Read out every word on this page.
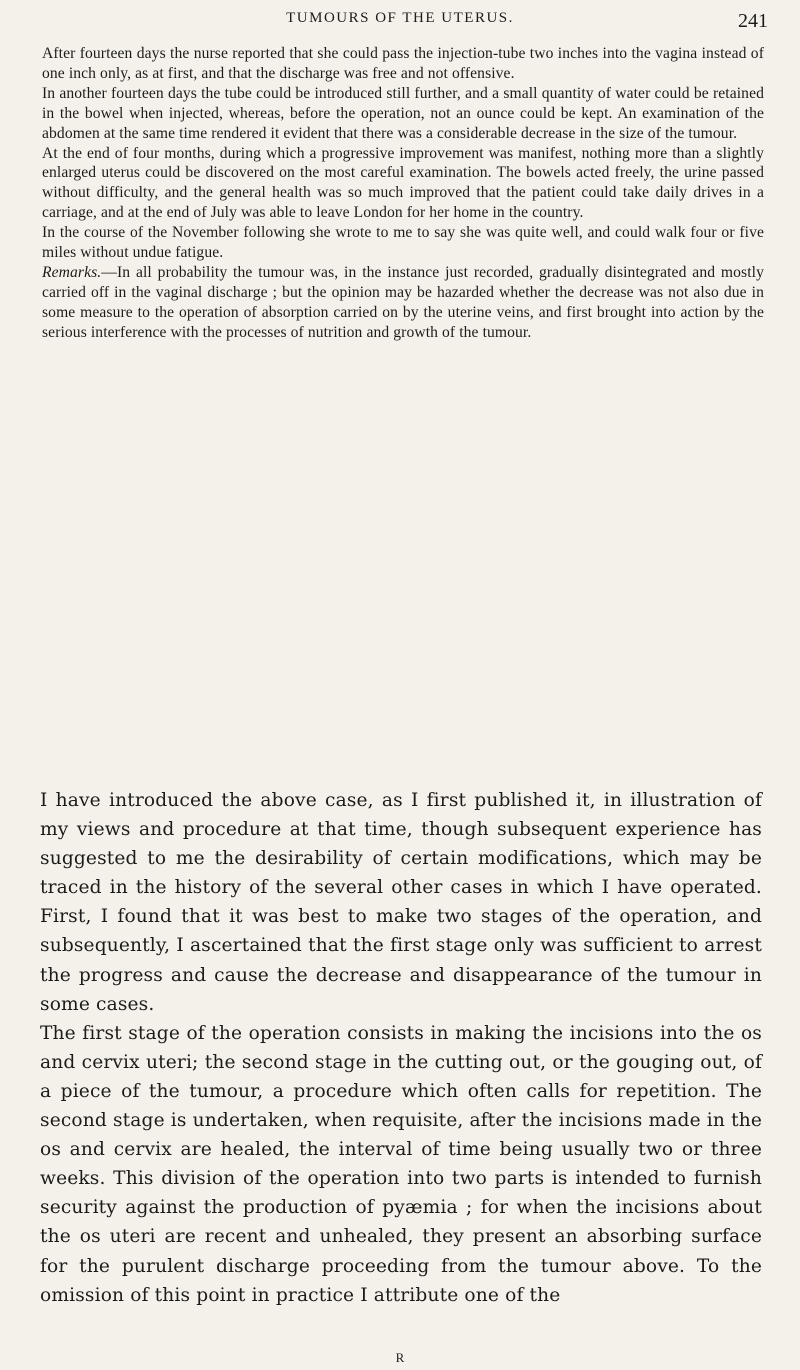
TUMOURS OF THE UTERUS.	241

After fourteen days the nurse reported that she could pass the injection-tube two inches into the vagina instead of one inch only, as at first, and that the discharge was free and not offensive.

In another fourteen days the tube could be introduced still further, and a small quantity of water could be retained in the bowel when injected, whereas, before the operation, not an ounce could be kept. An examination of the abdomen at the same time rendered it evident that there was a considerable decrease in the size of the tumour.

At the end of four months, during which a progressive improvement was manifest, nothing more than a slightly enlarged uterus could be discovered on the most careful examination. The bowels acted freely, the urine passed without difficulty, and the general health was so much improved that the patient could take daily drives in a carriage, and at the end of July was able to leave London for her home in the country.

In the course of the November following she wrote to me to say she was quite well, and could walk four or five miles without undue fatigue.

Remarks.—In all probability the tumour was, in the instance just recorded, gradually disintegrated and mostly carried off in the vaginal discharge ; but the opinion may be hazarded whether the decrease was not also due in some measure to the operation of absorption carried on by the uterine veins, and first brought into action by the serious interference with the processes of nutrition and growth of the tumour.

I have introduced the above case, as I first published it, in illustration of my views and procedure at that time, though subsequent experience has suggested to me the desirability of certain modifications, which may be traced in the history of the several other cases in which I have operated. First, I found that it was best to make two stages of the operation, and subsequently, I ascertained that the first stage only was sufficient to arrest the progress and cause the decrease and disappearance of the tumour in some cases.

The first stage of the operation consists in making the incisions into the os and cervix uteri; the second stage in the cutting out, or the gouging out, of a piece of the tumour, a procedure which often calls for repetition. The second stage is undertaken, when requisite, after the incisions made in the os and cervix are healed, the interval of time being usually two or three weeks. This division of the operation into two parts is intended to furnish security against the production of pyæmia ; for when the incisions about the os uteri are recent and unhealed, they present an absorbing surface for the purulent discharge proceeding from the tumour above. To the omission of this point in practice I attribute one of the

R
